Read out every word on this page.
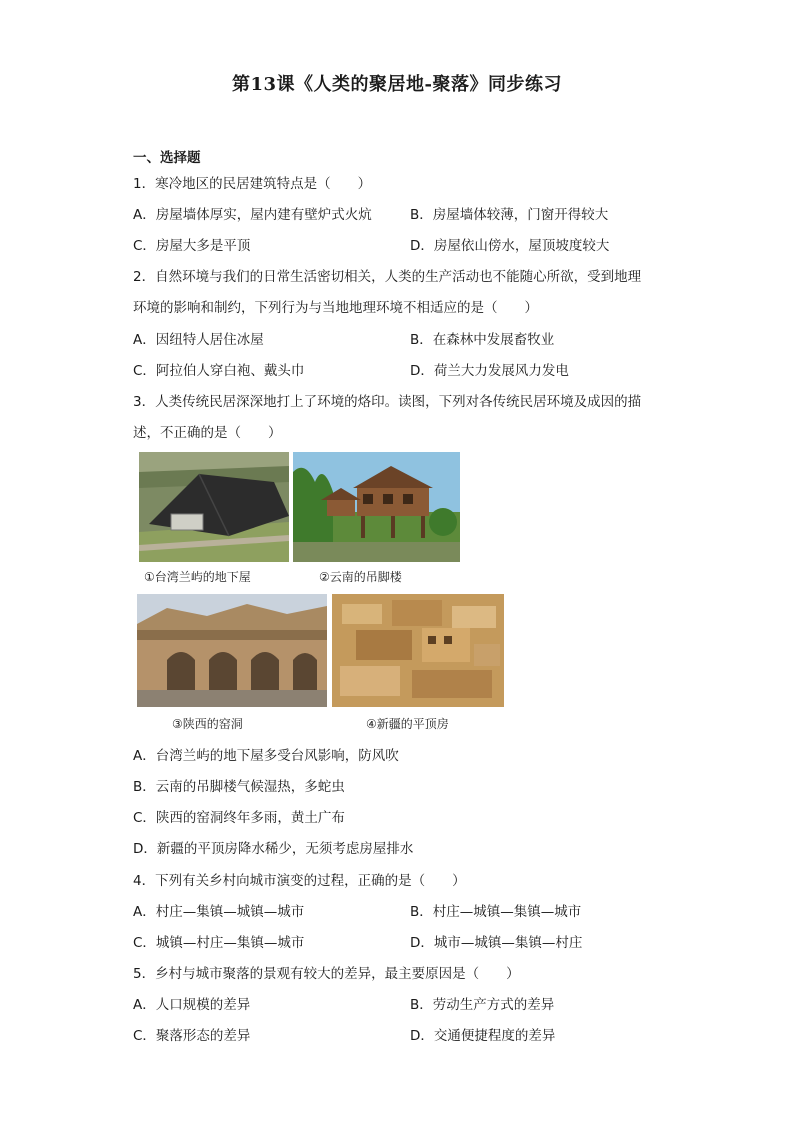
第13课《人类的聚居地-聚落》同步练习
一、选择题
1．寒冷地区的民居建筑特点是（　　）
A．房屋墙体厚实，屋内建有壁炉式火炕	B．房屋墙体较薄，门窗开得较大
C．房屋大多是平顶	D．房屋依山傍水，屋顶坡度较大
2．自然环境与我们的日常生活密切相关，人类的生产活动也不能随心所欲，受到地理
环境的影响和制约，下列行为与当地地理环境不相适应的是（　　）
A．因纽特人居住冰屋	B．在森林中发展畜牧业
C．阿拉伯人穿白袍、戴头巾	D．荷兰大力发展风力发电
3．人类传统民居深深地打上了环境的烙印。读图，下列对各传统民居环境及成因的描
述，不正确的是（　　）
①台湾兰屿的地下屋	②云南的吊脚楼
③陕西的窑洞	④新疆的平顶房
A．台湾兰屿的地下屋多受台风影响，防风吹
B．云南的吊脚楼气候湿热，多蛇虫
C．陕西的窑洞终年多雨，黄土广布
D．新疆的平顶房降水稀少，无须考虑房屋排水
4．下列有关乡村向城市演变的过程，正确的是（　　）
A．村庄—集镇—城镇—城市	B．村庄—城镇—集镇—城市
C．城镇—村庄—集镇—城市	D．城市—城镇—集镇—村庄
5．乡村与城市聚落的景观有较大的差异，最主要原因是（　　）
A．人口规模的差异	B．劳动生产方式的差异
C．聚落形态的差异	D．交通便捷程度的差异
